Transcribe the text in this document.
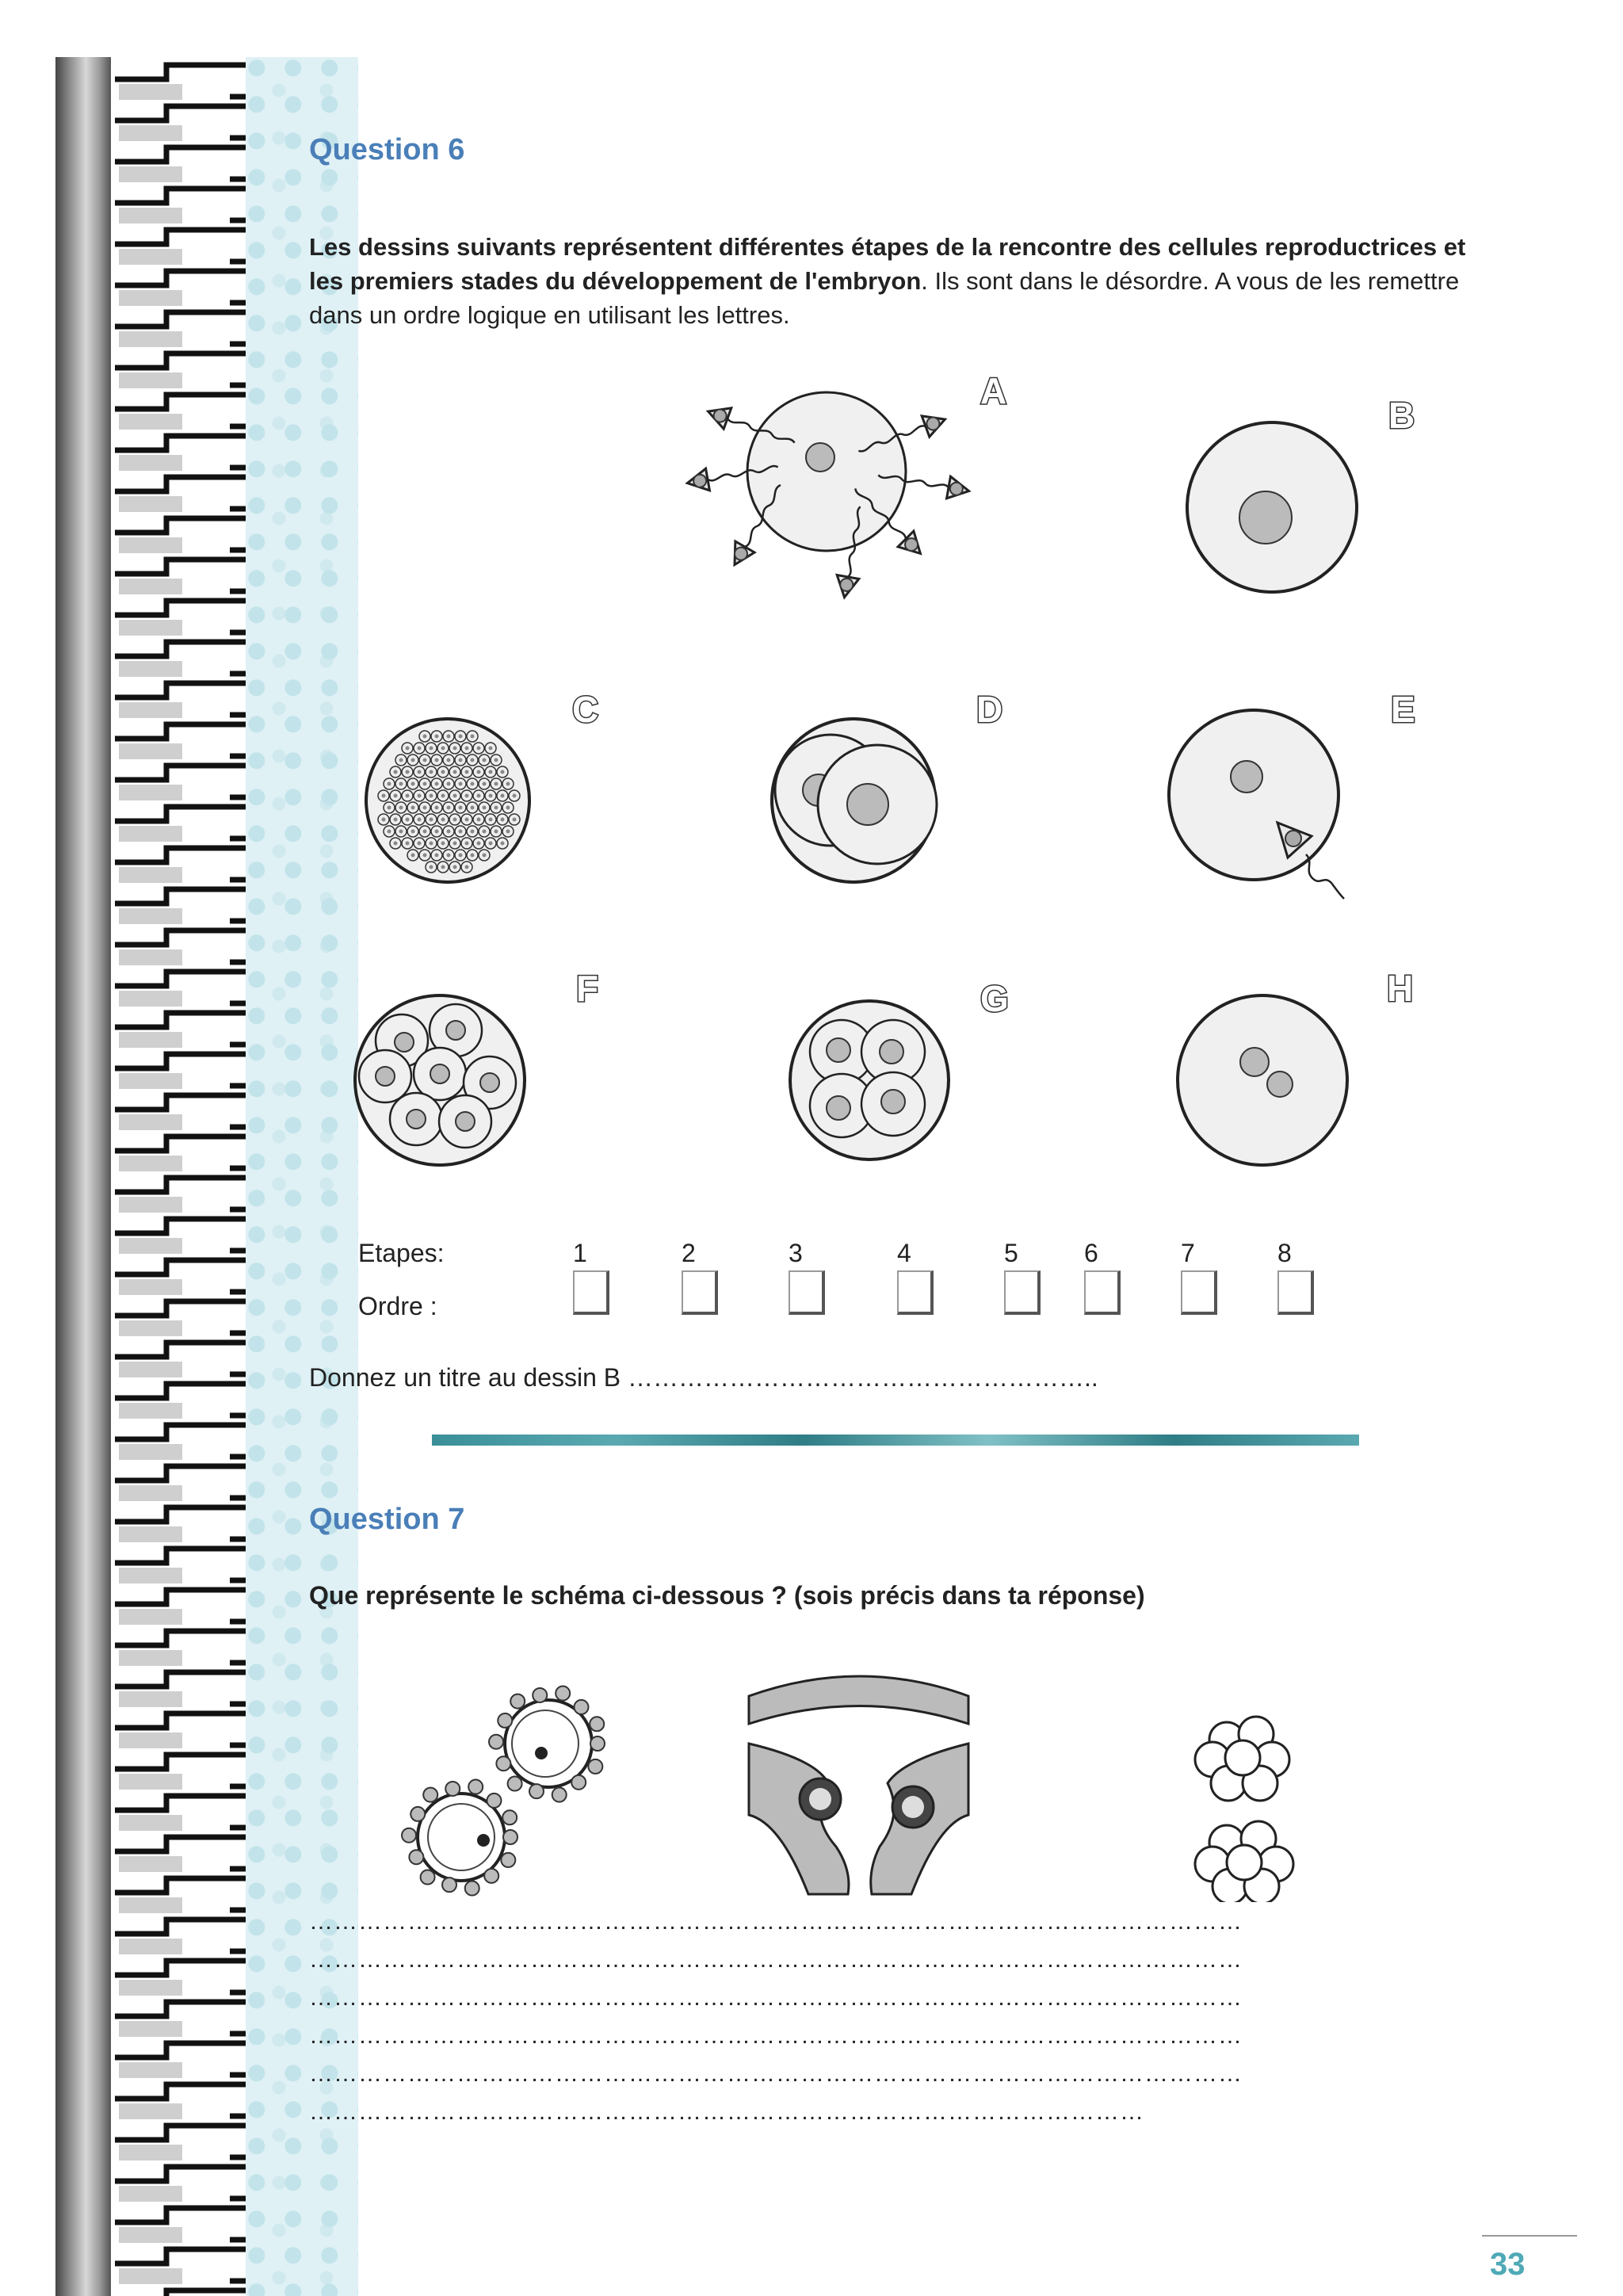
Question 6
Les dessins suivants représentent différentes étapes de la rencontre des cellules reproductrices et les premiers stades du développement de l'embryon. Ils sont dans le désordre. A vous de les remettre dans un ordre logique en utilisant les lettres.
A
B
C	D	E
F	G	H
Etapes:
Ordre :
1	2	3	4	5	6	7	8
Donnez un titre au dessin B ………………………………………………..
Question 7
Que représente le schéma ci-dessous ? (sois précis dans ta réponse)
……………………………………………………………………………………………………
……………………………………………………………………………………………………
……………………………………………………………………………………………………
……………………………………………………………………………………………………
……………………………………………………………………………………………………
…………………………………………………………………………………………
33
